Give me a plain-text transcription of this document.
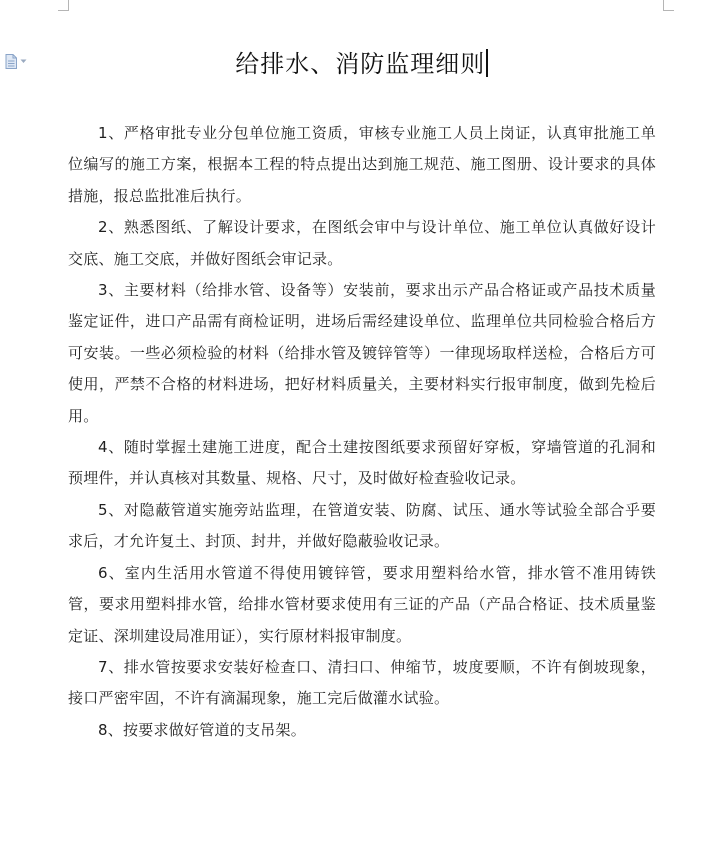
给排水、消防监理细则

1、严格审批专业分包单位施工资质，审核专业施工人员上岗证，认真审批施工单位编写的施工方案，根据本工程的特点提出达到施工规范、施工图册、设计要求的具体措施，报总监批准后执行。

2、熟悉图纸、了解设计要求，在图纸会审中与设计单位、施工单位认真做好设计交底、施工交底，并做好图纸会审记录。

3、主要材料（给排水管、设备等）安装前，要求出示产品合格证或产品技术质量鉴定证件，进口产品需有商检证明，进场后需经建设单位、监理单位共同检验合格后方可安装。一些必须检验的材料（给排水管及镀锌管等）一律现场取样送检，合格后方可使用，严禁不合格的材料进场，把好材料质量关，主要材料实行报审制度，做到先检后用。

4、随时掌握土建施工进度，配合土建按图纸要求预留好穿板，穿墙管道的孔洞和预埋件，并认真核对其数量、规格、尺寸，及时做好检查验收记录。

5、对隐蔽管道实施旁站监理，在管道安装、防腐、试压、通水等试验全部合乎要求后，才允许复土、封顶、封井，并做好隐蔽验收记录。

6、室内生活用水管道不得使用镀锌管，要求用塑料给水管，排水管不准用铸铁管，要求用塑料排水管，给排水管材要求使用有三证的产品（产品合格证、技术质量鉴定证、深圳建设局准用证），实行原材料报审制度。

7、排水管按要求安装好检查口、清扫口、伸缩节，坡度要顺，不许有倒坡现象，接口严密牢固，不许有滴漏现象，施工完后做灌水试验。

8、按要求做好管道的支吊架。
